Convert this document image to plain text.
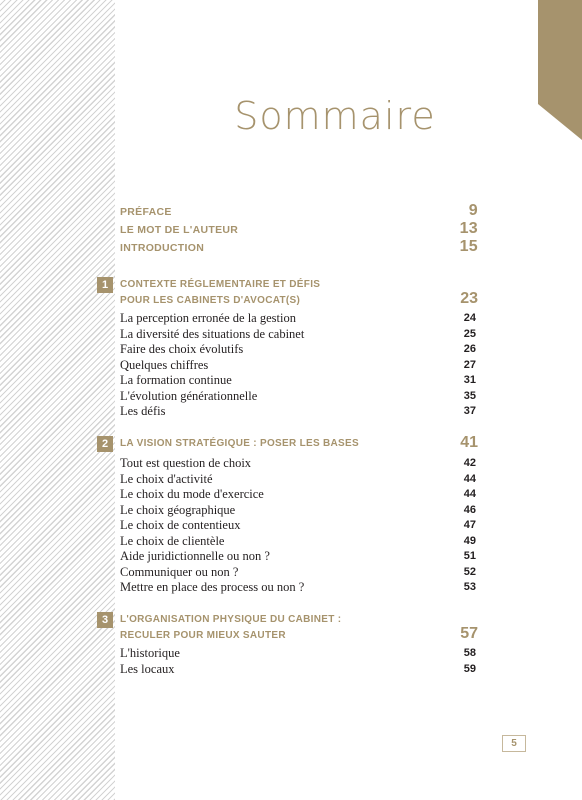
Sommaire
PRÉFACE	9
LE MOT DE L'AUTEUR	13
INTRODUCTION	15
1	CONTEXTE RÉGLEMENTAIRE ET DÉFIS
POUR LES CABINETS D'AVOCAT(S)	23
La perception erronée de la gestion	24
La diversité des situations de cabinet	25
Faire des choix évolutifs	26
Quelques chiffres	27
La formation continue	31
L'évolution générationnelle	35
Les défis	37
2	LA VISION STRATÉGIQUE : POSER LES BASES	41
Tout est question de choix	42
Le choix d'activité	44
Le choix du mode d'exercice	44
Le choix géographique	46
Le choix de contentieux	47
Le choix de clientèle	49
Aide juridictionnelle ou non ?	51
Communiquer ou non ?	52
Mettre en place des process ou non ?	53
3	L'ORGANISATION PHYSIQUE DU CABINET :
RECULER POUR MIEUX SAUTER	57
L'historique	58
Les locaux	59
5
